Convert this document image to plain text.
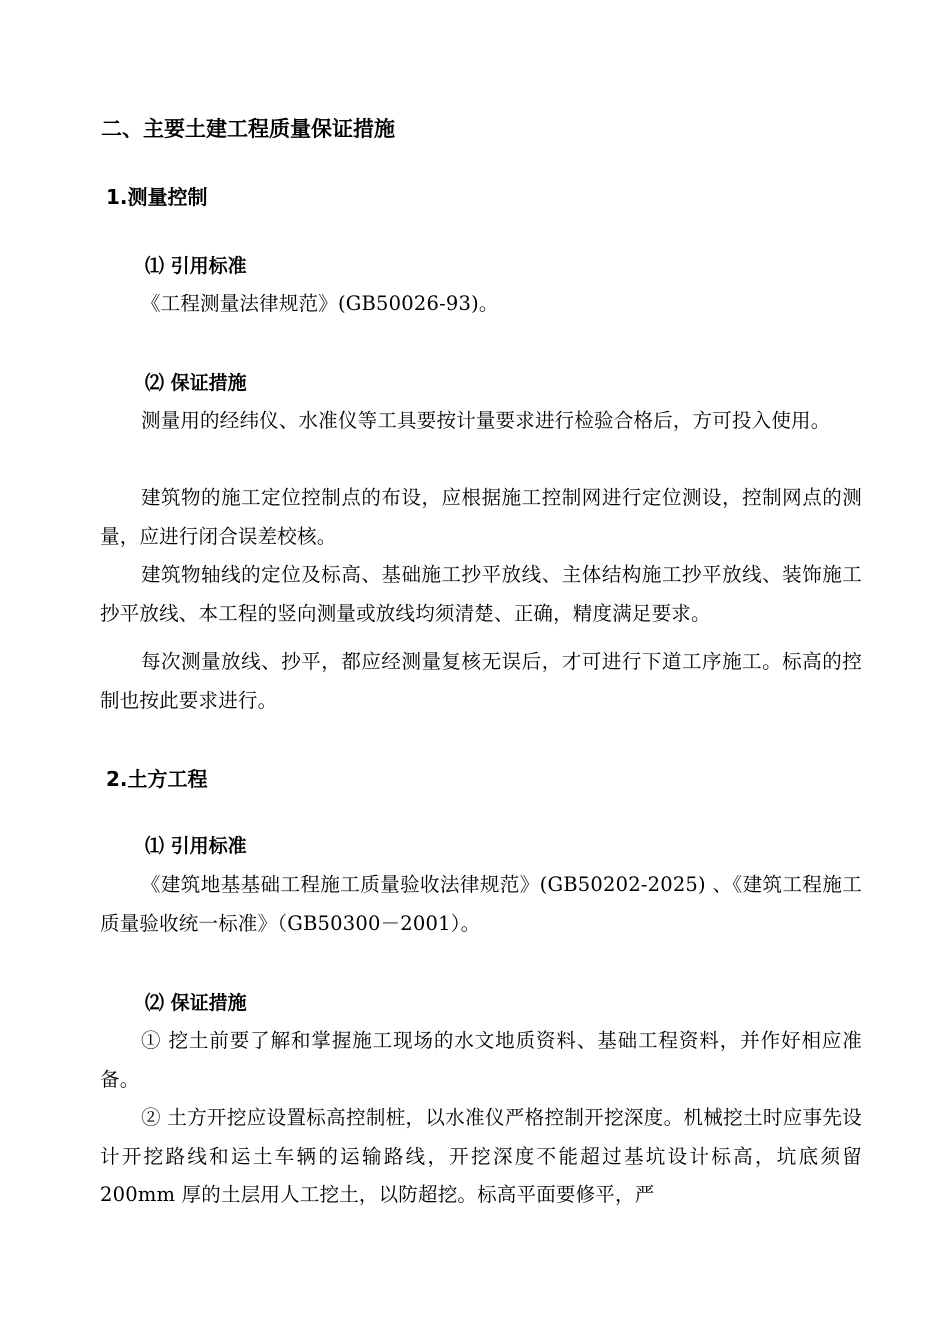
二、主要土建工程质量保证措施
1.测量控制
⑴ 引用标准

《工程测量法律规范》(GB50026-93)。

⑵ 保证措施

测量用的经纬仪、水准仪等工具要按计量要求进行检验合格后，方可投入使用。

建筑物的施工定位控制点的布设，应根据施工控制网进行定位测设，控制网点的测量，应进行闭合误差校核。

建筑物轴线的定位及标高、基础施工抄平放线、主体结构施工抄平放线、装饰施工抄平放线、本工程的竖向测量或放线均须清楚、正确，精度满足要求。

每次测量放线、抄平，都应经测量复核无误后，才可进行下道工序施工。标高的控制也按此要求进行。

2.土方工程
⑴ 引用标准

《建筑地基基础工程施工质量验收法律规范》(GB50202-2025) 、《建筑工程施工质量验收统一标准》（GB50300－2001）。

⑵ 保证措施

① 挖土前要了解和掌握施工现场的水文地质资料、基础工程资料，并作好相应准备。

② 土方开挖应设置标高控制桩，以水准仪严格控制开挖深度。机械挖土时应事先设计开挖路线和运土车辆的运输路线，开挖深度不能超过基坑设计标高，坑底须留 200mm 厚的土层用人工挖土，以防超挖。标高平面要修平，严
